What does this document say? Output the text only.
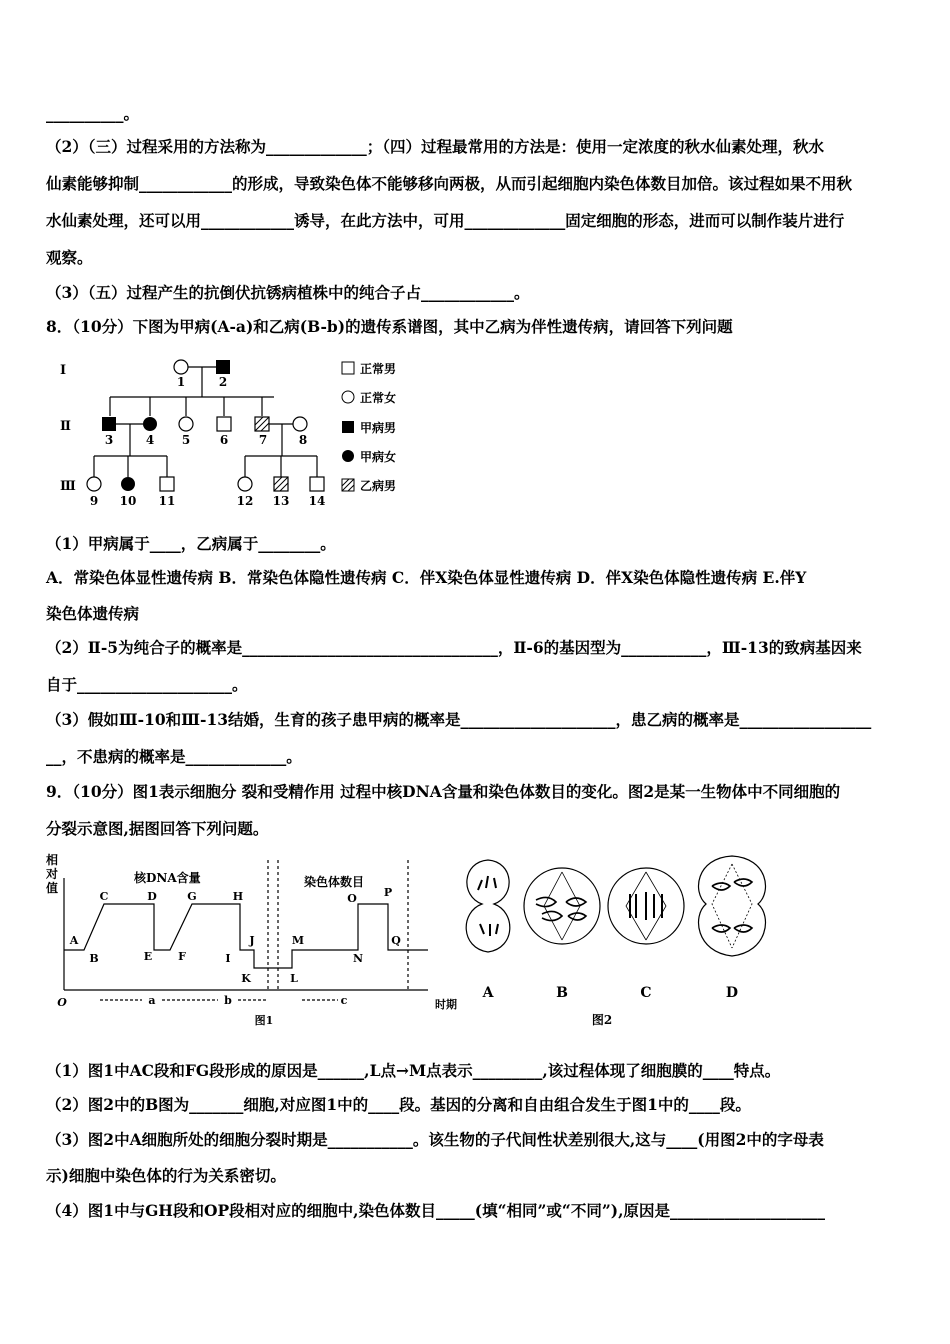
__________。
（2）（三）过程采用的方法称为_____________；（四）过程最常用的方法是：使用一定浓度的秋水仙素处理，秋水
仙素能够抑制____________的形成，导致染色体不能够移向两极，从而引起细胞内染色体数目加倍。该过程如果不用秋
水仙素处理，还可以用____________诱导，在此方法中，可用_____________固定细胞的形态，进而可以制作装片进行
观察。
（3）（五）过程产生的抗倒伏抗锈病植株中的纯合子占____________。
8．（10分）下图为甲病(A-a)和乙病(B-b)的遗传系谱图，其中乙病为伴性遗传病，请回答下列问题
Ⅰ
Ⅱ
Ⅲ
1	2
3	4 5 6	7	8
9 10 11	12 13 14
正常男
正常女
甲病男
甲病女
乙病男
（1）甲病属于____，乙病属于________。
A．常染色体显性遗传病 B．常染色体隐性遗传病 C．伴X染色体显性遗传病 D．伴X染色体隐性遗传病 E.伴Y
染色体遗传病
（2）Ⅱ-5为纯合子的概率是_________________________________，Ⅱ-6的基因型为___________，Ⅲ-13的致病基因来
自于____________________。
（3）假如Ⅲ-10和Ⅲ-13结婚，生育的孩子患甲病的概率是____________________，患乙病的概率是_________________
__，不患病的概率是_____________。
9．（10分）图1表示细胞分 裂和受精作用 过程中核DNA含量和染色体数目的变化。图2是某一生物体中不同细胞的
分裂示意图,据图回答下列问题。
相
对
值
核DNA含量	染色体数目
A
B
C	D
E F
G	H
I
J
K	L
M
N
O P
Q
O	a	b	c	时期
图1
A	B	C	D
图2
（1）图1中AC段和FG段形成的原因是______,L点→M点表示_________,该过程体现了细胞膜的____特点。
（2）图2中的B图为_______细胞,对应图1中的____段。基因的分离和自由组合发生于图1中的____段。
（3）图2中A细胞所处的细胞分裂时期是___________。该生物的子代间性状差别很大,这与____(用图2中的字母表
示)细胞中染色体的行为关系密切。
（4）图1中与GH段和OP段相对应的细胞中,染色体数目_____(填“相同”或“不同”),原因是____________________
